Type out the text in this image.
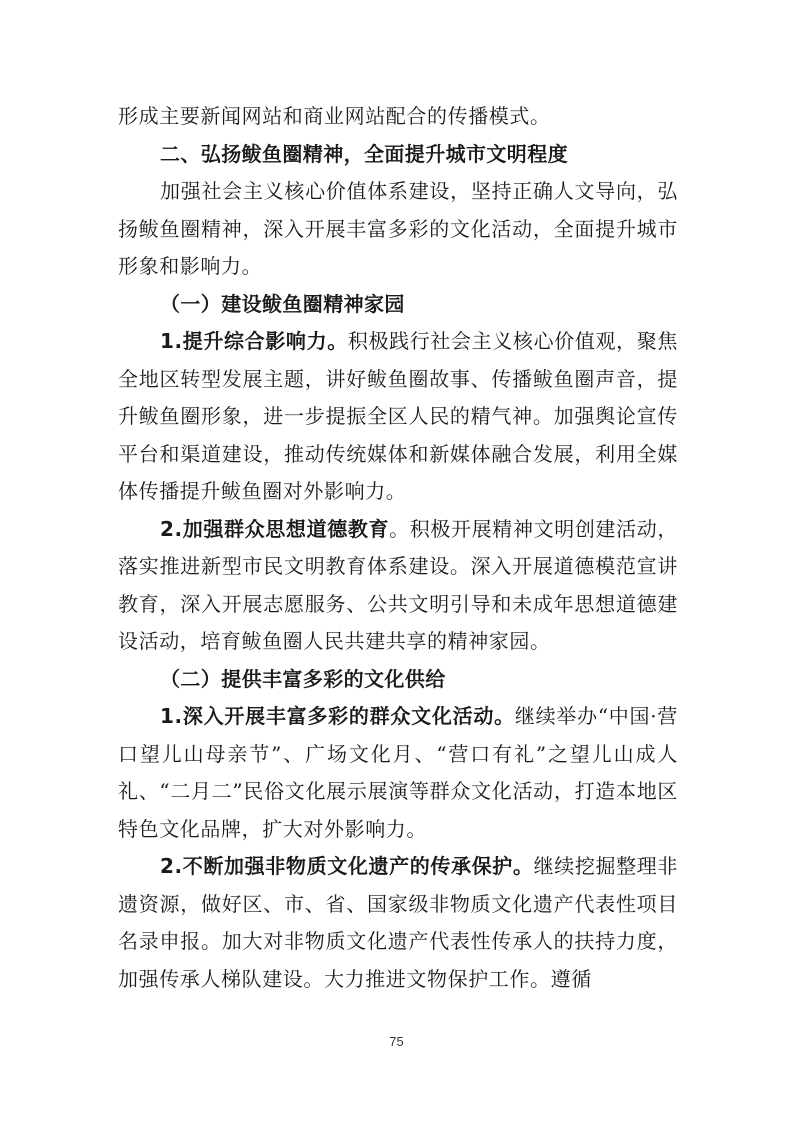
形成主要新闻网站和商业网站配合的传播模式。

二、弘扬鲅鱼圈精神，全面提升城市文明程度

加强社会主义核心价值体系建设，坚持正确人文导向，弘扬鲅鱼圈精神，深入开展丰富多彩的文化活动，全面提升城市形象和影响力。

（一）建设鲅鱼圈精神家园

1.提升综合影响力。积极践行社会主义核心价值观，聚焦全地区转型发展主题，讲好鲅鱼圈故事、传播鲅鱼圈声音，提升鲅鱼圈形象，进一步提振全区人民的精气神。加强舆论宣传平台和渠道建设，推动传统媒体和新媒体融合发展，利用全媒体传播提升鲅鱼圈对外影响力。

2.加强群众思想道德教育。积极开展精神文明创建活动，落实推进新型市民文明教育体系建设。深入开展道德模范宣讲教育，深入开展志愿服务、公共文明引导和未成年思想道德建设活动，培育鲅鱼圈人民共建共享的精神家园。

（二）提供丰富多彩的文化供给

1.深入开展丰富多彩的群众文化活动。继续举办“中国·营口望儿山母亲节”、广场文化月、“营口有礼”之望儿山成人礼、“二月二”民俗文化展示展演等群众文化活动，打造本地区特色文化品牌，扩大对外影响力。

2.不断加强非物质文化遗产的传承保护。继续挖掘整理非遗资源，做好区、市、省、国家级非物质文化遗产代表性项目名录申报。加大对非物质文化遗产代表性传承人的扶持力度，加强传承人梯队建设。大力推进文物保护工作。遵循

75
